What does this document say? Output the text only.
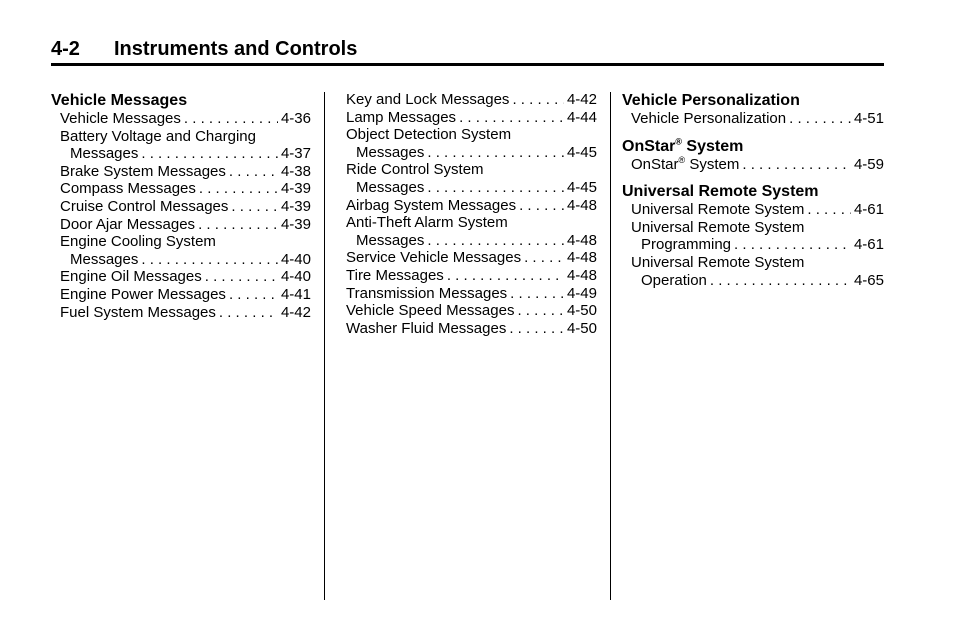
4-2 Instruments and Controls
Vehicle Messages
Vehicle Messages . . .	4-36
Battery Voltage and Charging
Messages . . .	4-37
Brake System Messages . . .	4-38
Compass Messages . . .	4-39
Cruise Control Messages . . .	4-39
Door Ajar Messages . . .	4-39
Engine Cooling System
Messages . . .	4-40
Engine Oil Messages . . .	4-40
Engine Power Messages . . .	4-41
Fuel System Messages . . .	4-42
Key and Lock Messages . . .	4-42
Lamp Messages . . .	4-44
Object Detection System
Messages . . .	4-45
Ride Control System
Messages . . .	4-45
Airbag System Messages . . .	4-48
Anti-Theft Alarm System
Messages . . .	4-48
Service Vehicle Messages . . .	4-48
Tire Messages . . .	4-48
Transmission Messages . . .	4-49
Vehicle Speed Messages . . .	4-50
Washer Fluid Messages . . .	4-50
Vehicle Personalization
Vehicle Personalization . . .	4-51
OnStar® System
OnStar® System . . .	4-59
Universal Remote System
Universal Remote System . . .	4-61
Universal Remote System
Programming . . .	4-61
Universal Remote System
Operation . . .	4-65
